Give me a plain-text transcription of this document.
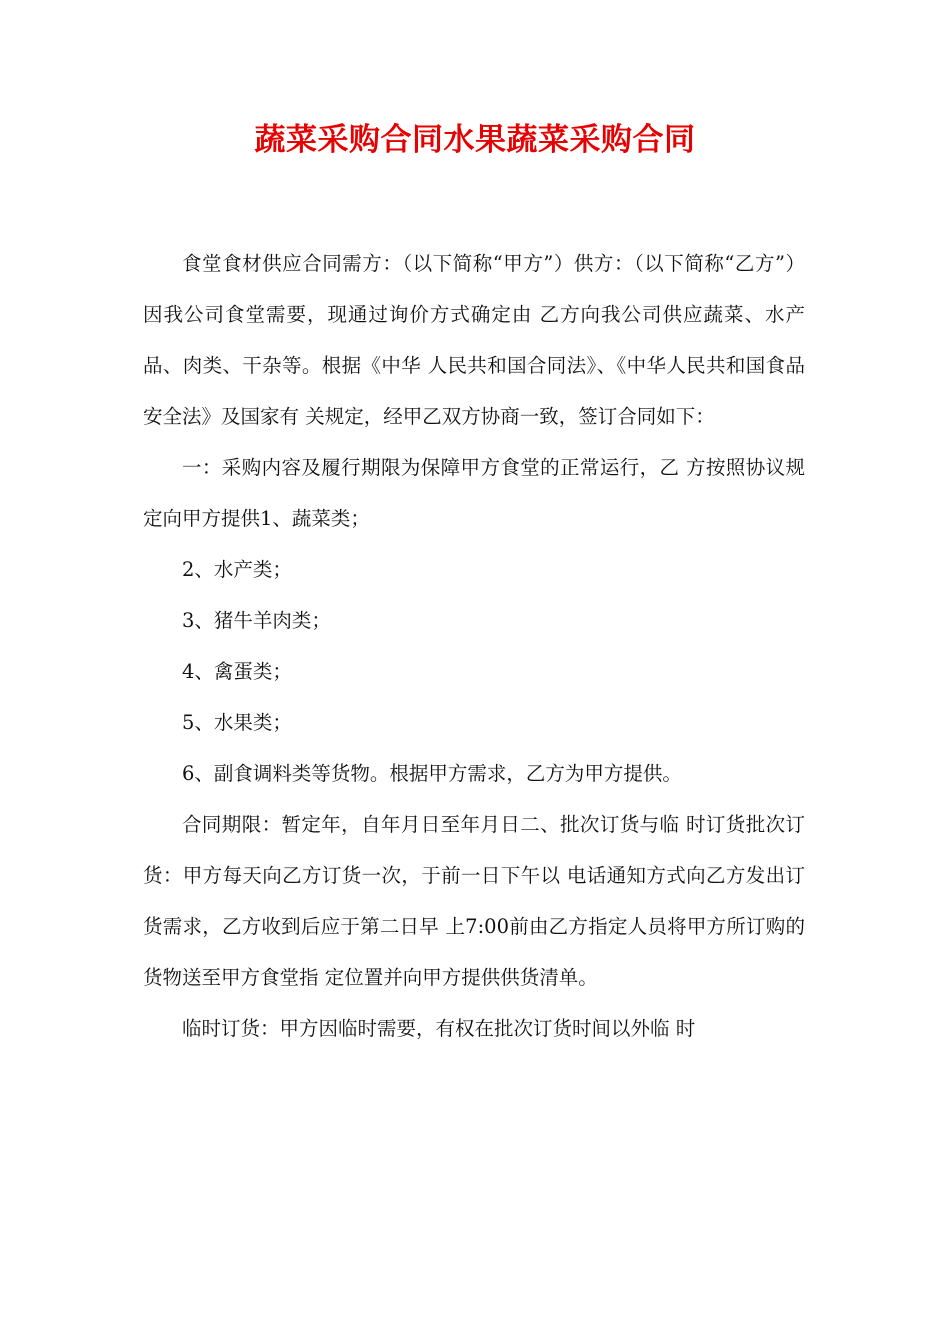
蔬菜采购合同水果蔬菜采购合同

食堂食材供应合同需方：（以下简称“甲方”）供方：（以下简称“乙方”）因我公司食堂需要，现通过询价方式确定由 乙方向我公司供应蔬菜、水产品、肉类、干杂等。根据《中华 人民共和国合同法》、《中华人民共和国食品安全法》及国家有 关规定，经甲乙双方协商一致，签订合同如下：

一：采购内容及履行期限为保障甲方食堂的正常运行，乙 方按照协议规定向甲方提供1、蔬菜类；

2、水产类；

3、猪牛羊肉类；

4、禽蛋类；

5、水果类；

6、副食调料类等货物。根据甲方需求，乙方为甲方提供。

合同期限：暂定年，自年月日至年月日二、批次订货与临 时订货批次订货：甲方每天向乙方订货一次，于前一日下午以 电话通知方式向乙方发出订货需求，乙方收到后应于第二日早 上7:00前由乙方指定人员将甲方所订购的货物送至甲方食堂指 定位置并向甲方提供供货清单。

临时订货：甲方因临时需要，有权在批次订货时间以外临 时
